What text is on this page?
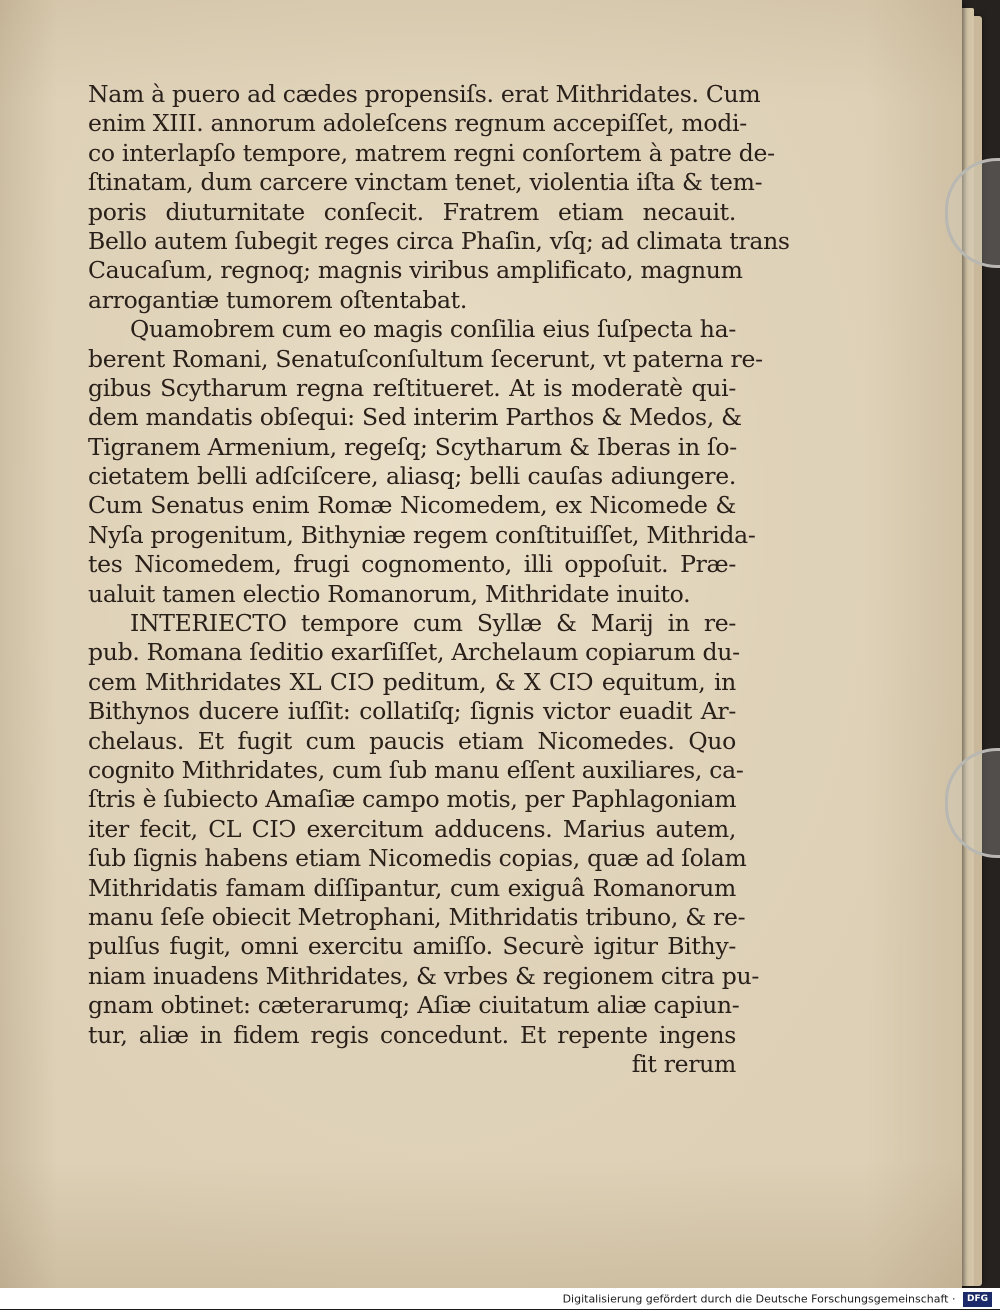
Nam à puero ad cædes propensiſs. erat Mithridates. Cum
enim XIII. annorum adoleſcens regnum accepiſſet, modi-
co interlapſo tempore, matrem regni conſortem à patre de-
ſtinatam, dum carcere vinctam tenet, violentia iſta & tem-
poris diuturnitate conſecit. Fratrem etiam necauit.
Bello autem ſubegit reges circa Phaſin, vſq; ad climata trans
Caucaſum, regnoq; magnis viribus amplificato, magnum
arrogantiæ tumorem oſtentabat.
Quamobrem cum eo magis conſilia eius ſuſpecta ha-
berent Romani, Senatuſconſultum ſecerunt, vt paterna re-
gibus Scytharum regna reſtitueret. At is moderatè qui-
dem mandatis obſequi: Sed interim Parthos & Medos, &
Tigranem Armenium, regeſq; Scytharum & Iberas in ſo-
cietatem belli adſciſcere, aliasq; belli cauſas adiungere.
Cum Senatus enim Romæ Nicomedem, ex Nicomede &
Nyſa progenitum, Bithyniæ regem conſtituiſſet, Mithrida-
tes Nicomedem, frugi cognomento, illi oppoſuit. Præ-
ualuit tamen electio Romanorum, Mithridate inuito.
INTERIECTO tempore cum Syllæ & Marij in re-
pub. Romana ſeditio exarſiſſet, Archelaum copiarum du-
cem Mithridates XL CIↃ peditum, & X CIↃ equitum, in
Bithynos ducere iuſſit: collatiſq; ſignis victor euadit Ar-
chelaus. Et fugit cum paucis etiam Nicomedes. Quo
cognito Mithridates, cum ſub manu eſſent auxiliares, ca-
ſtris è ſubiecto Amaſiæ campo motis, per Paphlagoniam
iter fecit, CL CIↃ exercitum adducens. Marius autem,
ſub ſignis habens etiam Nicomedis copias, quæ ad ſolam
Mithridatis famam diſſipantur, cum exiguâ Romanorum
manu ſeſe obiecit Metrophani, Mithridatis tribuno, & re-
pulſus fugit, omni exercitu amiſſo. Securè igitur Bithy-
niam inuadens Mithridates, & vrbes & regionem citra pu-
gnam obtinet: cæterarumq; Aſiæ ciuitatum aliæ capiun-
tur, aliæ in fidem regis concedunt. Et repente ingens
fit rerum
Digitalisierung gefördert durch die Deutsche Forschungsgemeinschaft · DFG
